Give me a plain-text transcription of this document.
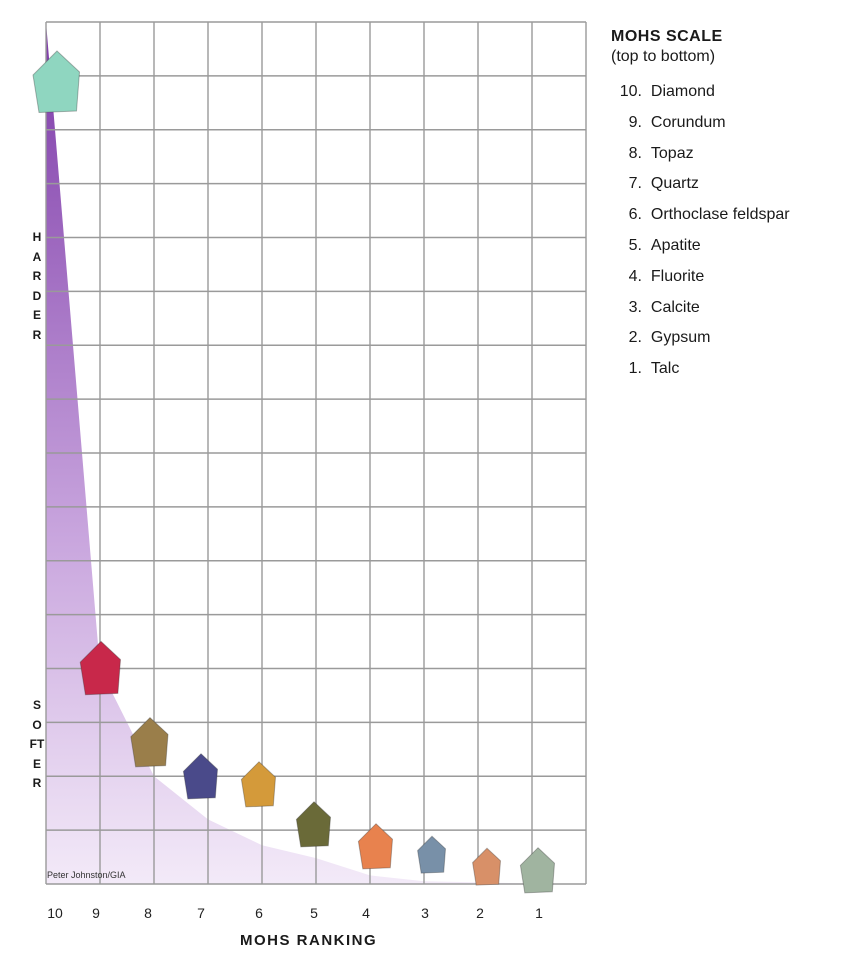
10 9	8	7	6	5	4	3	2	1
HARDER
SOFTER
Peter Johnston/GIA
MOHS RANKING
MOHS SCALE
(top to bottom)
10. Diamond
9. Corundum
8. Topaz
7. Quartz
6. Orthoclase feldspar
5. Apatite
4. Fluorite
3. Calcite
2. Gypsum
1. Talc
